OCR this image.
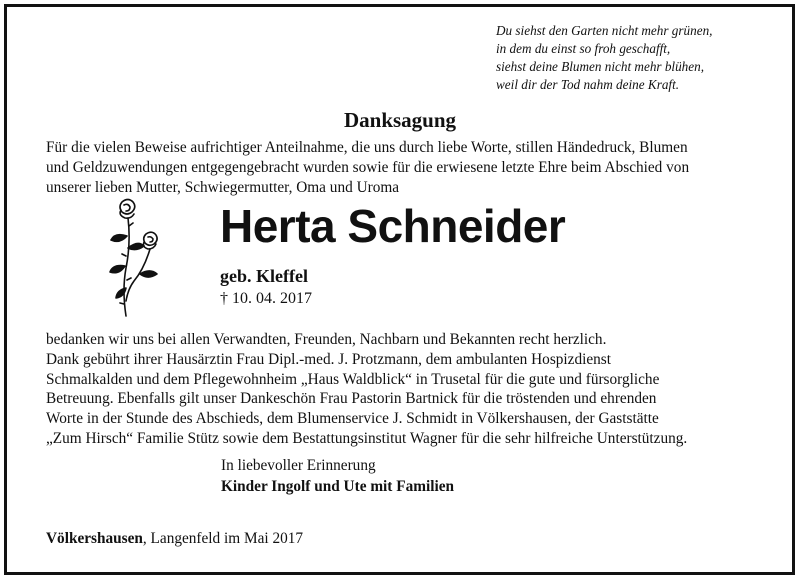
Du siehst den Garten nicht mehr grünen,
in dem du einst so froh geschafft,
siehst deine Blumen nicht mehr blühen,
weil dir der Tod nahm deine Kraft.
Danksagung
Für die vielen Beweise aufrichtiger Anteilnahme, die uns durch liebe Worte, stillen Händedruck, Blumen
und Geldzuwendungen entgegengebracht wurden sowie für die erwiesene letzte Ehre beim Abschied von
unserer lieben Mutter, Schwiegermutter, Oma und Uroma
Herta Schneider
geb. Kleffel
† 10. 04. 2017
bedanken wir uns bei allen Verwandten, Freunden, Nachbarn und Bekannten recht herzlich.
Dank gebührt ihrer Hausärztin Frau Dipl.-med. J. Protzmann, dem ambulanten Hospizdienst
Schmalkalden und dem Pflegewohnheim „Haus Waldblick“ in Trusetal für die gute und fürsorgliche
Betreuung. Ebenfalls gilt unser Dankeschön Frau Pastorin Bartnick für die tröstenden und ehrenden
Worte in der Stunde des Abschieds, dem Blumenservice J. Schmidt in Völkershausen, der Gaststätte
„Zum Hirsch“ Familie Stütz sowie dem Bestattungsinstitut Wagner für die sehr hilfreiche Unterstützung.
In liebevoller Erinnerung
Kinder Ingolf und Ute mit Familien
Völkershausen, Langenfeld im Mai 2017
